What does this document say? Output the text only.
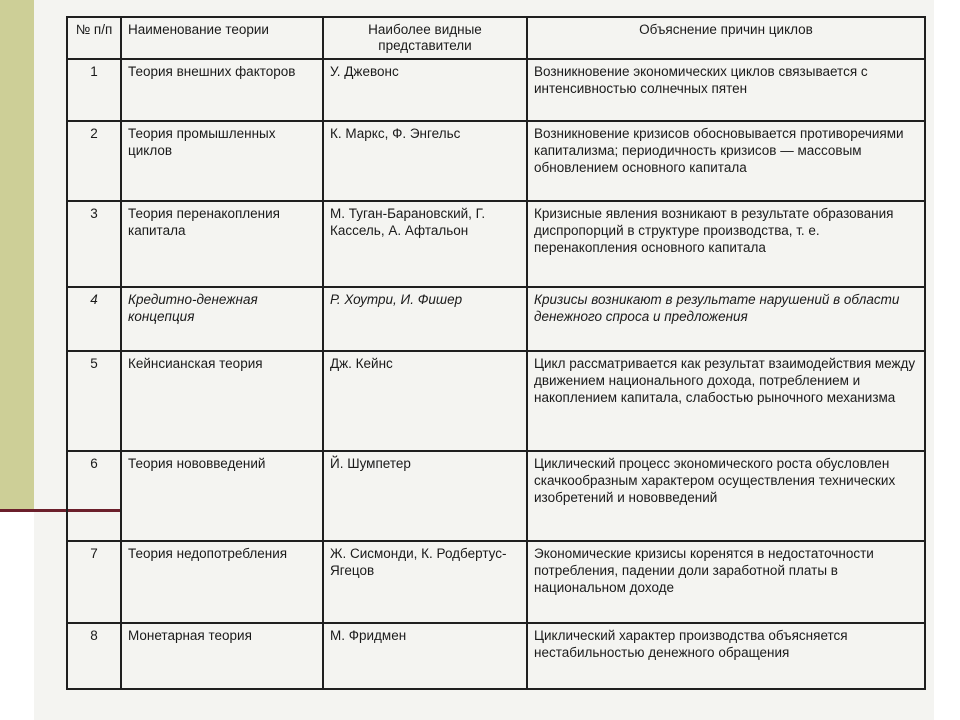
№ п/п	Наименование теории	Наиболее видные представители	Объяснение причин циклов
1	Теория внешних факторов	У. Джевонс	Возникновение экономических циклов связывается с интенсивностью солнечных пятен
2	Теория промышленных циклов	К. Маркс, Ф. Энгельс	Возникновение кризисов обосновывается противоречиями капитализма; периодичность кризисов — массовым обновлением основного капитала
3	Теория перенакопления капитала	М. Туган-Барановский, Г. Кассель, А. Афтальон	Кризисные явления возникают в результате образования диспропорций в структуре производства, т. е. перенакопления основного капитала
4	Кредитно-денежная концепция	Р. Хоутри, И. Фишер	Кризисы возникают в результате нарушений в области денежного спроса и предложения
5	Кейнсианская теория	Дж. Кейнс	Цикл рассматривается как результат взаимодействия между движением национального дохода, потреблением и накоплением капитала, слабостью рыночного механизма
6	Теория нововведений	Й. Шумпетер	Циклический процесс экономического роста обусловлен скачкообразным характером осуществления технических изобретений и нововведений
7	Теория недопотребления	Ж. Сисмонди, К. Родбертус-Ягецов	Экономические кризисы коренятся в недостаточности потребления, падении доли заработной платы в национальном доходе
8	Монетарная теория	М. Фридмен	Циклический характер производства объясняется нестабильностью денежного обращения
